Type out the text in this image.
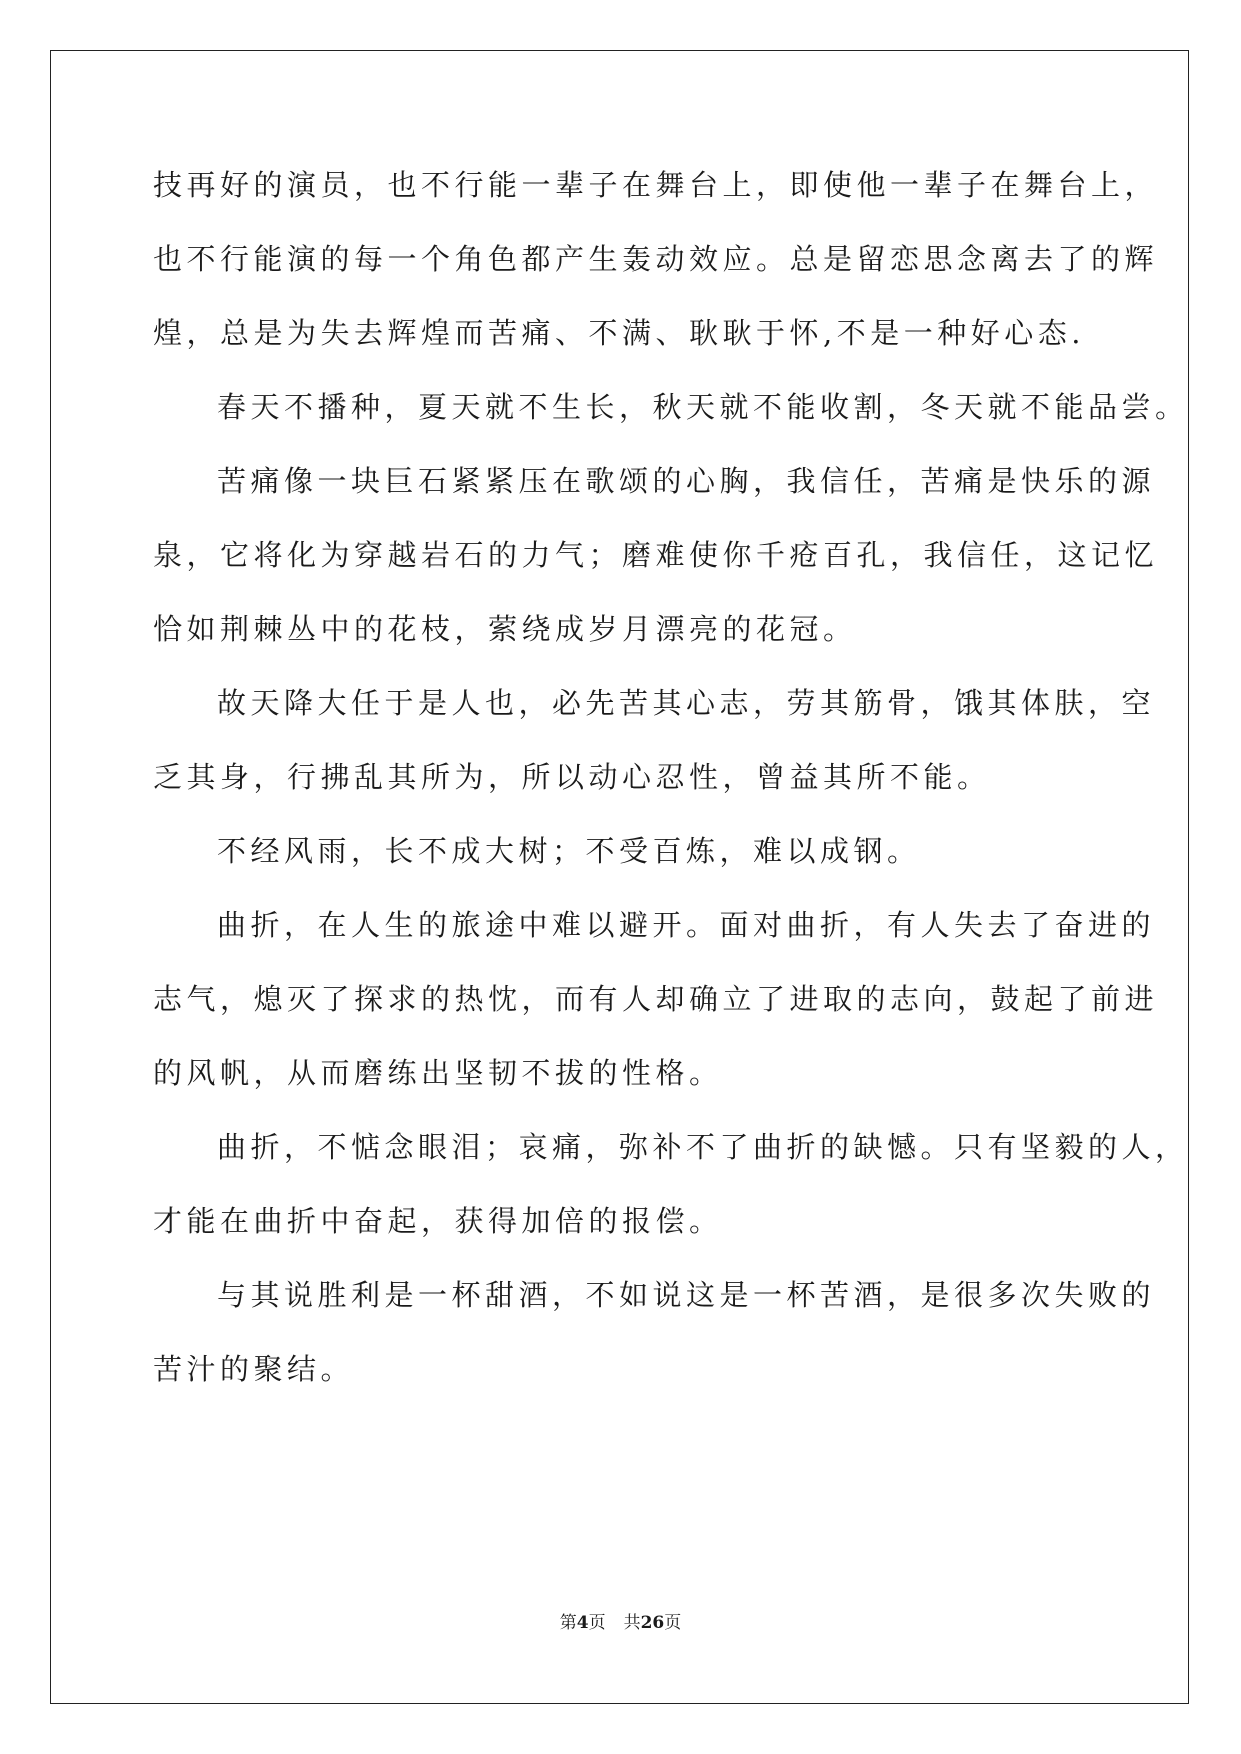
技再好的演员，也不行能一辈子在舞台上，即使他一辈子在舞台上，
也不行能演的每一个角色都产生轰动效应。总是留恋思念离去了的辉
煌，总是为失去辉煌而苦痛、不满、耿耿于怀,不是一种好心态.
春天不播种，夏天就不生长，秋天就不能收割，冬天就不能品尝。
苦痛像一块巨石紧紧压在歌颂的心胸，我信任，苦痛是快乐的源
泉，它将化为穿越岩石的力气；磨难使你千疮百孔，我信任，这记忆
恰如荆棘丛中的花枝，萦绕成岁月漂亮的花冠。
故天降大任于是人也，必先苦其心志，劳其筋骨，饿其体肤，空
乏其身，行拂乱其所为，所以动心忍性，曾益其所不能。
不经风雨，长不成大树；不受百炼，难以成钢。
曲折，在人生的旅途中难以避开。面对曲折，有人失去了奋进的
志气，熄灭了探求的热忱，而有人却确立了进取的志向，鼓起了前进
的风帆，从而磨练出坚韧不拔的性格。
曲折，不惦念眼泪；哀痛，弥补不了曲折的缺憾。只有坚毅的人，
才能在曲折中奋起，获得加倍的报偿。
与其说胜利是一杯甜酒，不如说这是一杯苦酒，是很多次失败的
苦汁的聚结。
第4页 共26页
